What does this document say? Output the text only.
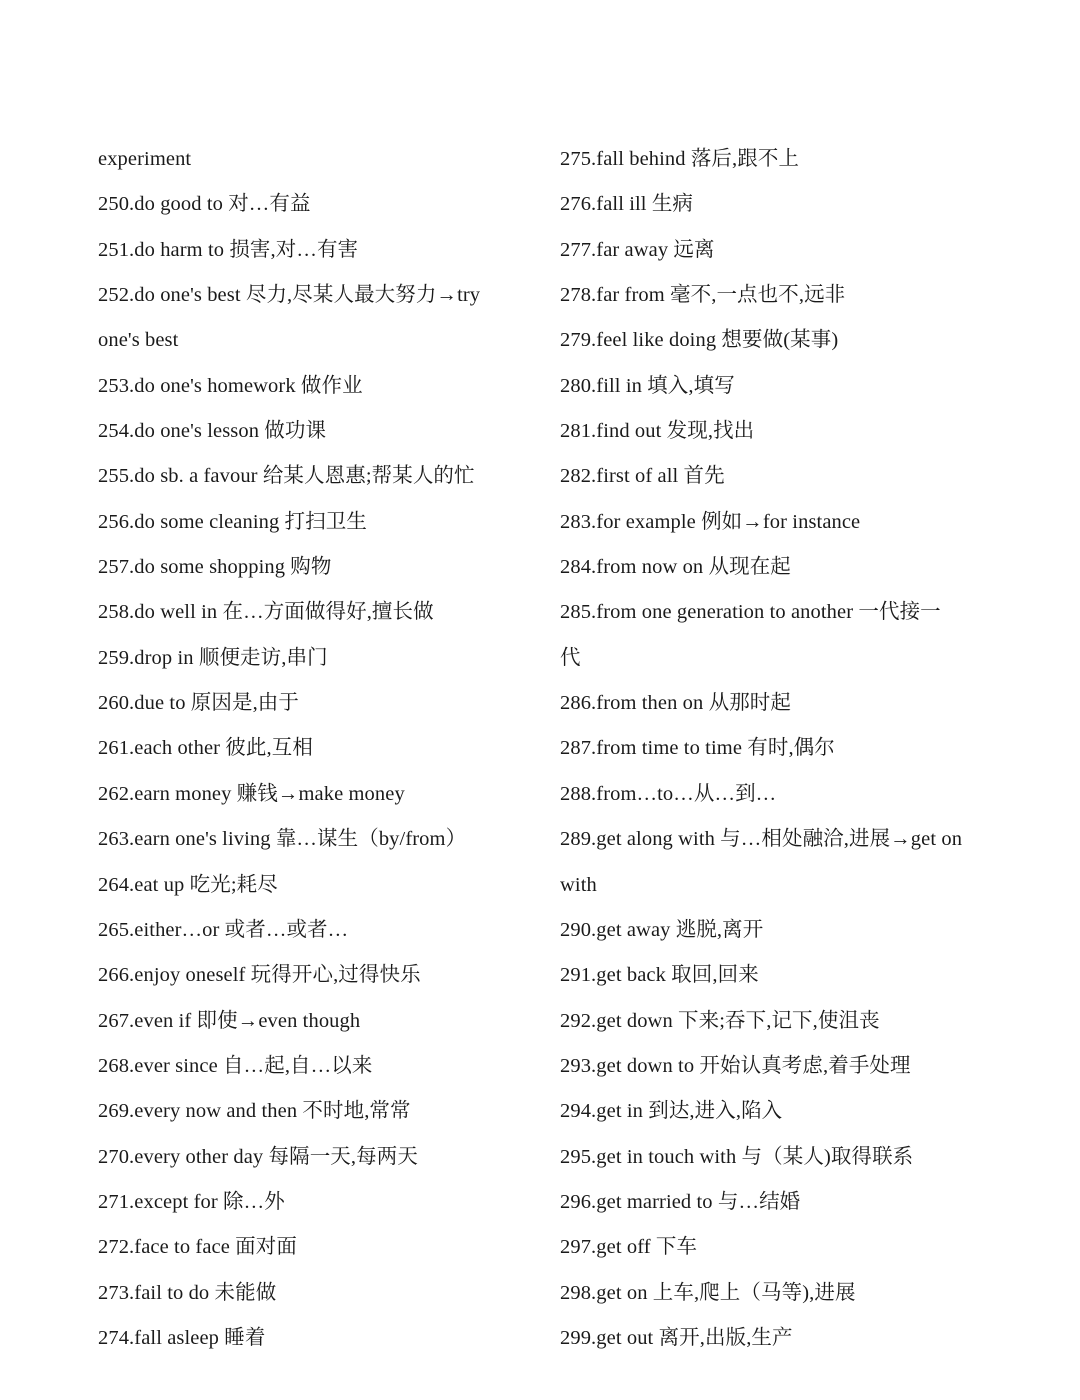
experiment
250.do good to 对…有益
251.do harm to 损害,对…有害
252.do one's best 尽力,尽某人最大努力→try
one's best
253.do one's homework 做作业
254.do one's lesson 做功课
255.do sb. a favour 给某人恩惠;帮某人的忙
256.do some cleaning 打扫卫生
257.do some shopping 购物
258.do well in 在…方面做得好,擅长做
259.drop in 顺便走访,串门
260.due to 原因是,由于
261.each other 彼此,互相
262.earn money 赚钱→make money
263.earn one's living 靠…谋生（by/from）
264.eat up 吃光;耗尽
265.either…or 或者…或者…
266.enjoy oneself 玩得开心,过得快乐
267.even if 即使→even though
268.ever since 自…起,自…以来
269.every now and then 不时地,常常
270.every other day 每隔一天,每两天
271.except for 除…外
272.face to face 面对面
273.fail to do 未能做
274.fall asleep 睡着
275.fall behind 落后,跟不上
276.fall ill 生病
277.far away 远离
278.far from 毫不,一点也不,远非
279.feel like doing 想要做(某事)
280.fill in 填入,填写
281.find out 发现,找出
282.first of all 首先
283.for example 例如→for instance
284.from now on 从现在起
285.from one generation to another 一代接一
代
286.from then on 从那时起
287.from time to time 有时,偶尔
288.from…to…从…到…
289.get along with 与…相处融洽,进展→get on
with
290.get away 逃脱,离开
291.get back 取回,回来
292.get down 下来;吞下,记下,使沮丧
293.get down to 开始认真考虑,着手处理
294.get in 到达,进入,陷入
295.get in touch with 与（某人)取得联系
296.get married to 与…结婚
297.get off 下车
298.get on 上车,爬上（马等),进展
299.get out 离开,出版,生产
